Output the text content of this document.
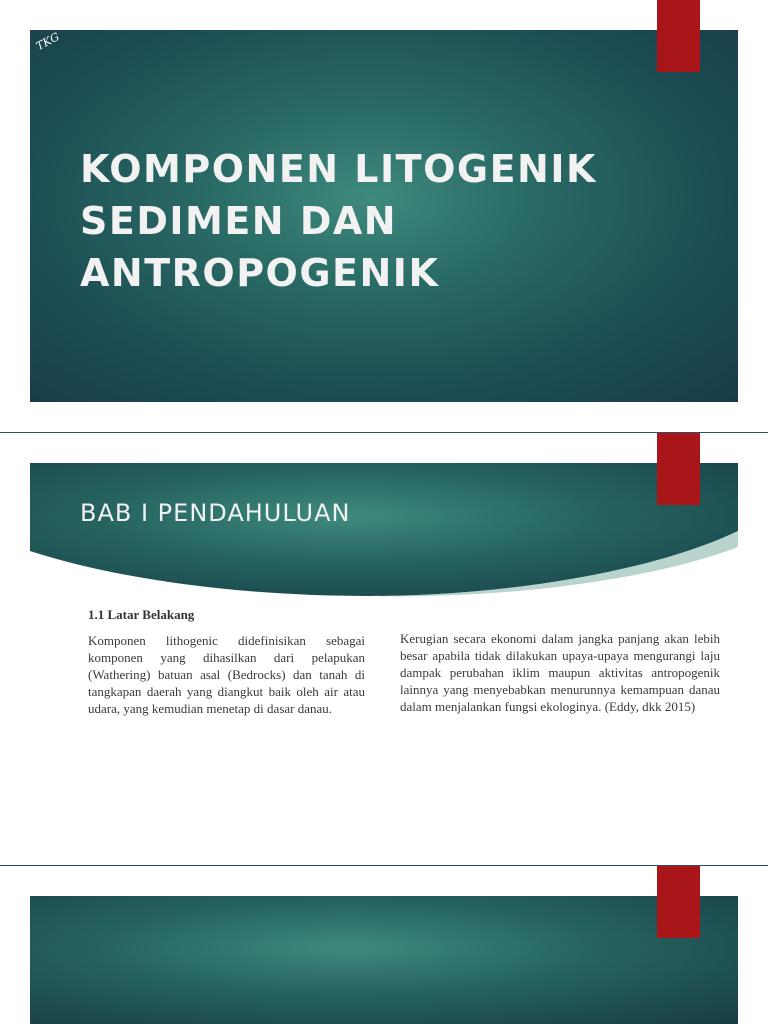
TKG

KOMPONEN LITOGENIK SEDIMEN DAN ANTROPOGENIK
BAB I PENDAHULUAN

1.1 Latar Belakang

Komponen lithogenic didefinisikan sebagai komponen yang dihasilkan dari pelapukan (Wathering) batuan asal (Bedrocks) dan tanah di tangkapan daerah yang diangkut baik oleh air atau udara, yang kemudian menetap di dasar danau.

Kerugian secara ekonomi dalam jangka panjang akan lebih besar apabila tidak dilakukan upaya-upaya mengurangi laju dampak perubahan iklim maupun aktivitas antropogenik lainnya yang menyebabkan menurunnya kemampuan danau dalam menjalankan fungsi ekologinya. (Eddy, dkk 2015)
